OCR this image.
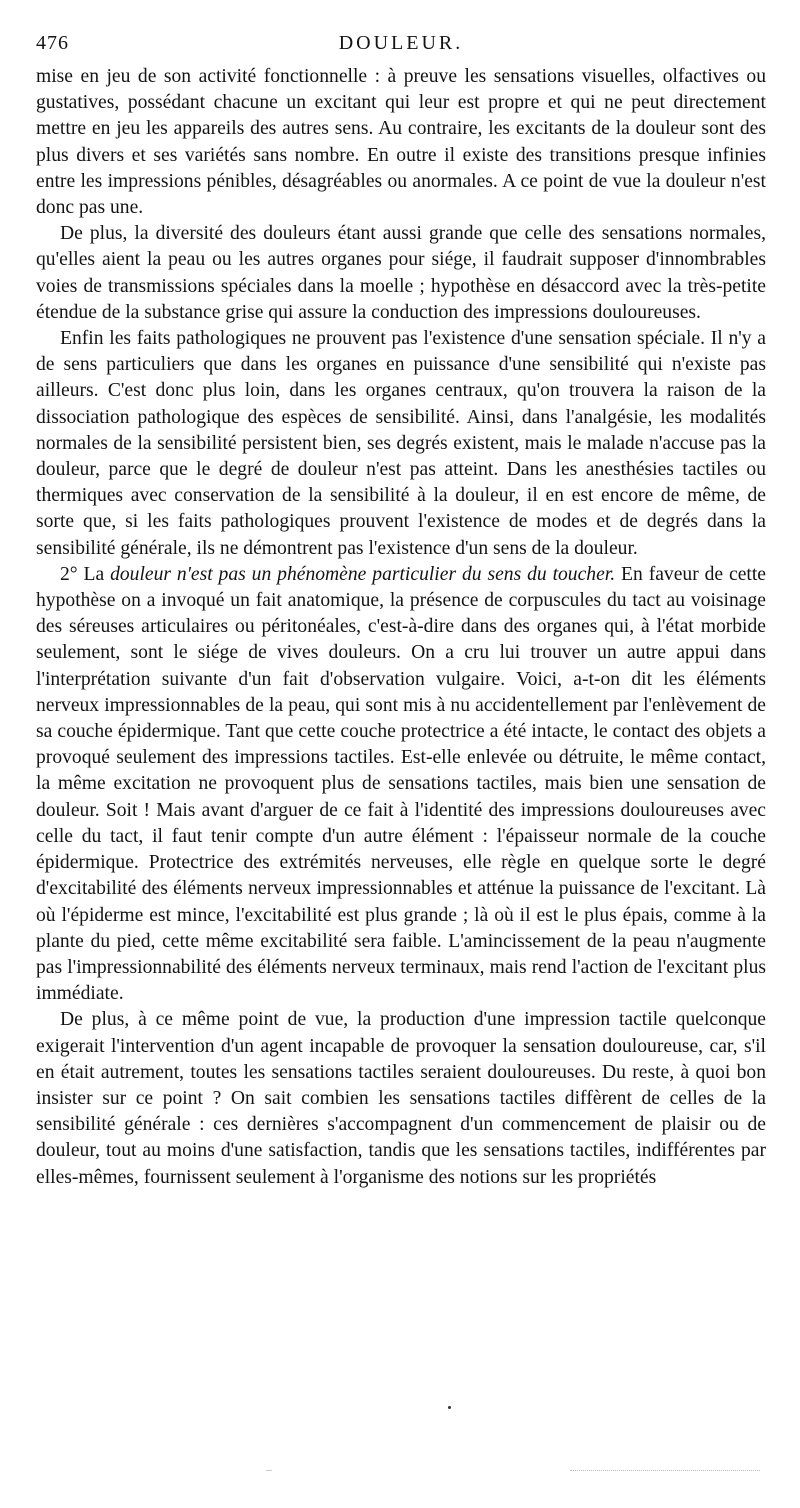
476	DOULEUR.

mise en jeu de son activité fonctionnelle : à preuve les sensations visuelles, olfactives ou gustatives, possédant chacune un excitant qui leur est propre et qui ne peut directement mettre en jeu les appareils des autres sens. Au contraire, les excitants de la douleur sont des plus divers et ses variétés sans nombre. En outre il existe des transitions presque infinies entre les impressions pénibles, désagréables ou anormales. A ce point de vue la douleur n'est donc pas une.

De plus, la diversité des douleurs étant aussi grande que celle des sensations normales, qu'elles aient la peau ou les autres organes pour siége, il faudrait supposer d'innombrables voies de transmissions spéciales dans la moelle ; hypothèse en désaccord avec la très-petite étendue de la substance grise qui assure la conduction des impressions douloureuses.

Enfin les faits pathologiques ne prouvent pas l'existence d'une sensation spéciale. Il n'y a de sens particuliers que dans les organes en puissance d'une sensibilité qui n'existe pas ailleurs. C'est donc plus loin, dans les organes centraux, qu'on trouvera la raison de la dissociation pathologique des espèces de sensibilité. Ainsi, dans l'analgésie, les modalités normales de la sensibilité persistent bien, ses degrés existent, mais le malade n'accuse pas la douleur, parce que le degré de douleur n'est pas atteint. Dans les anesthésies tactiles ou thermiques avec conservation de la sensibilité à la douleur, il en est encore de même, de sorte que, si les faits pathologiques prouvent l'existence de modes et de degrés dans la sensibilité générale, ils ne démontrent pas l'existence d'un sens de la douleur.

2° La douleur n'est pas un phénomène particulier du sens du toucher. En faveur de cette hypothèse on a invoqué un fait anatomique, la présence de corpuscules du tact au voisinage des séreuses articulaires ou péritonéales, c'est-à-dire dans des organes qui, à l'état morbide seulement, sont le siége de vives douleurs. On a cru lui trouver un autre appui dans l'interprétation suivante d'un fait d'observation vulgaire. Voici, a-t-on dit les éléments nerveux impressionnables de la peau, qui sont mis à nu accidentellement par l'enlèvement de sa couche épidermique. Tant que cette couche protectrice a été intacte, le contact des objets a provoqué seulement des impressions tactiles. Est-elle enlevée ou détruite, le même contact, la même excitation ne provoquent plus de sensations tactiles, mais bien une sensation de douleur. Soit ! Mais avant d'arguer de ce fait à l'identité des impressions douloureuses avec celle du tact, il faut tenir compte d'un autre élément : l'épaisseur normale de la couche épidermique. Protectrice des extrémités nerveuses, elle règle en quelque sorte le degré d'excitabilité des éléments nerveux impressionnables et atténue la puissance de l'excitant. Là où l'épiderme est mince, l'excitabilité est plus grande ; là où il est le plus épais, comme à la plante du pied, cette même excitabilité sera faible. L'amincissement de la peau n'augmente pas l'impressionnabilité des éléments nerveux terminaux, mais rend l'action de l'excitant plus immédiate.

De plus, à ce même point de vue, la production d'une impression tactile quelconque exigerait l'intervention d'un agent incapable de provoquer la sensation douloureuse, car, s'il en était autrement, toutes les sensations tactiles seraient douloureuses. Du reste, à quoi bon insister sur ce point ? On sait combien les sensations tactiles diffèrent de celles de la sensibilité générale : ces dernières s'accompagnent d'un commencement de plaisir ou de douleur, tout au moins d'une satisfaction, tandis que les sensations tactiles, indifférentes par elles-mêmes, fournissent seulement à l'organisme des notions sur les propriétés
